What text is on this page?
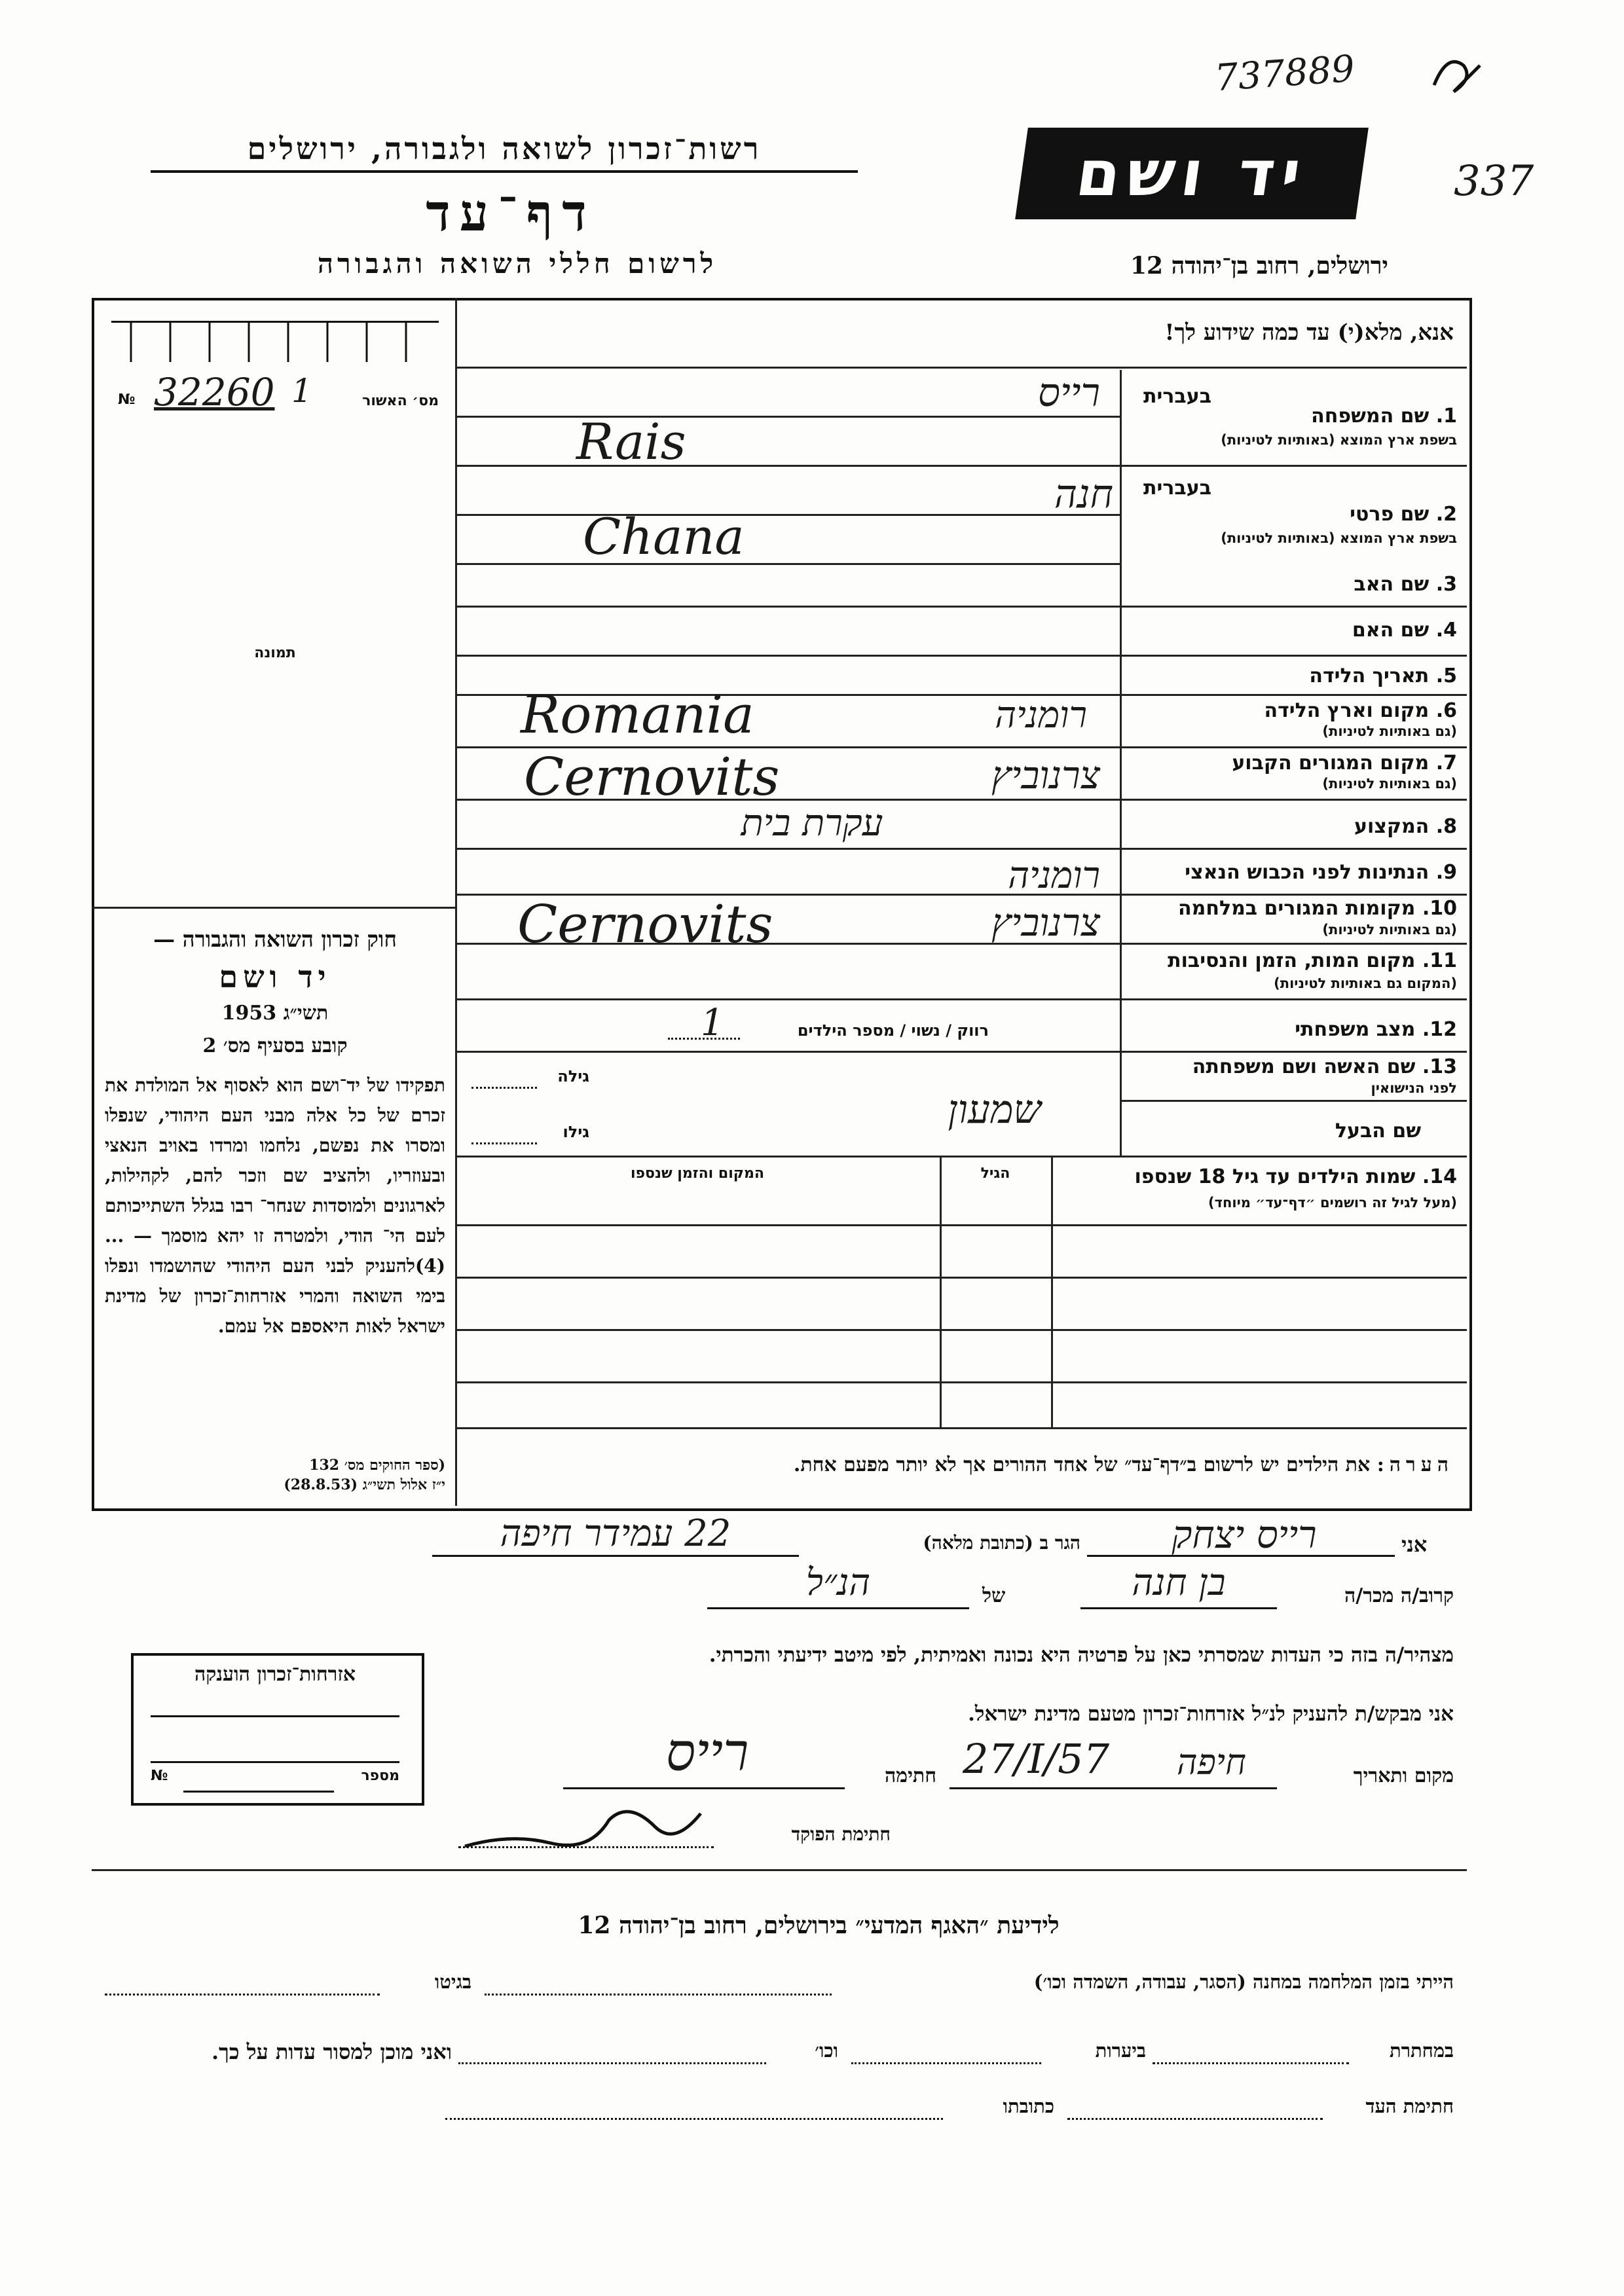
737889
337
רשות־זכרון לשואה ולגבורה, ירושלים
דף־עד
לרשום חללי השואה והגבורה
יד ושם
ירושלים, רחוב בן־יהודה 12
№ 32260 1	מס׳ האשור
תמונה
חוק זכרון השואה והגבורה —
יד ושם
תשי״ג 1953
קובע בסעיף מס׳ 2
תפקידו של יד־ושם הוא לאסוף אל המולדת את זכרם של כל אלה מבני העם היהודי, שנפלו ומסרו את נפשם, נלחמו ומרדו באויב הנאצי ובעוזריו, ולהציב שם וזכר להם, לקהילות, לארגונים ולמוסדות שנחר־ רבו בגלל השתייכותם לעם הי־ הודי, ולמטרה זו יהא מוסמך — ...(4)להעניק לבני העם היהודי שהושמדו ונפלו בימי השואה והמרי אזרחות־זכרון של מדינת ישראל לאות היאספם אל עמם.
(ספר החוקים מס׳ 132
י״ז אלול תשי״ג (28.8.53)
אנא, מלא(י) עד כמה שידוע לך!
בעברית
1. שם המשפחה
בשפת ארץ המוצא (באותיות לטיניות)
רייס
Rais
בעברית
2. שם פרטי
בשפת ארץ המוצא (באותיות לטיניות)
חנה
Chana
3. שם האב
4. שם האם
5. תאריך הלידה
6. מקום וארץ הלידה
(גם באותיות לטיניות)
רומניה
Romania
7. מקום המגורים הקבוע
(גם באותיות לטיניות)
צרנוביץ
Cernovits
8. המקצוע
עקרת בית
9. הנתינות לפני הכבוש הנאצי
רומניה
10. מקומות המגורים במלחמה
(גם באותיות לטיניות)
צרנוביץ
Cernovits
11. מקום המות, הזמן והנסיבות
(המקום גם באותיות לטיניות)
12. מצב משפחתי
רווק / נשוי / מספר הילדים
1
13. שם האשה ושם משפחתה
לפני הנישואין
גילה
שם הבעל
שמעון
גילו
14. שמות הילדים עד גיל 18 שנספו
(מעל לגיל זה רושמים ״דף־עד״ מיוחד)
הגיל
המקום והזמן שנספו
הערה: את הילדים יש לרשום ב״דף־עד״ של אחד ההורים אך לא יותר מפעם אחת.
אני
רייס יצחק
הגר ב (כתובת מלאה)
22 עמידר חיפה
קרוב/ה מכר/ה
בן חנה
של
הנ״ל
מצהיר/ה בזה כי העדות שמסרתי כאן על פרטיה היא נכונה ואמיתית, לפי מיטב ידיעתי והכרתי.
אני מבקש/ת להעניק לנ״ל אזרחות־זכרון מטעם מדינת ישראל.
מקום ותאריך
חיפה
27/I/57
חתימה
רייס
חתימת הפוקד
אזרחות־זכרון הוענקה
№	מספר
לידיעת ״האגף המדעי״ בירושלים, רחוב בן־יהודה 12
הייתי בזמן המלחמה במחנה (הסגר, עבודה, השמדה וכו׳)
בגיטו
במחתרת
ביערות
וכו׳
ואני מוכן למסור עדות על כך.
חתימת העד
כתובתו
